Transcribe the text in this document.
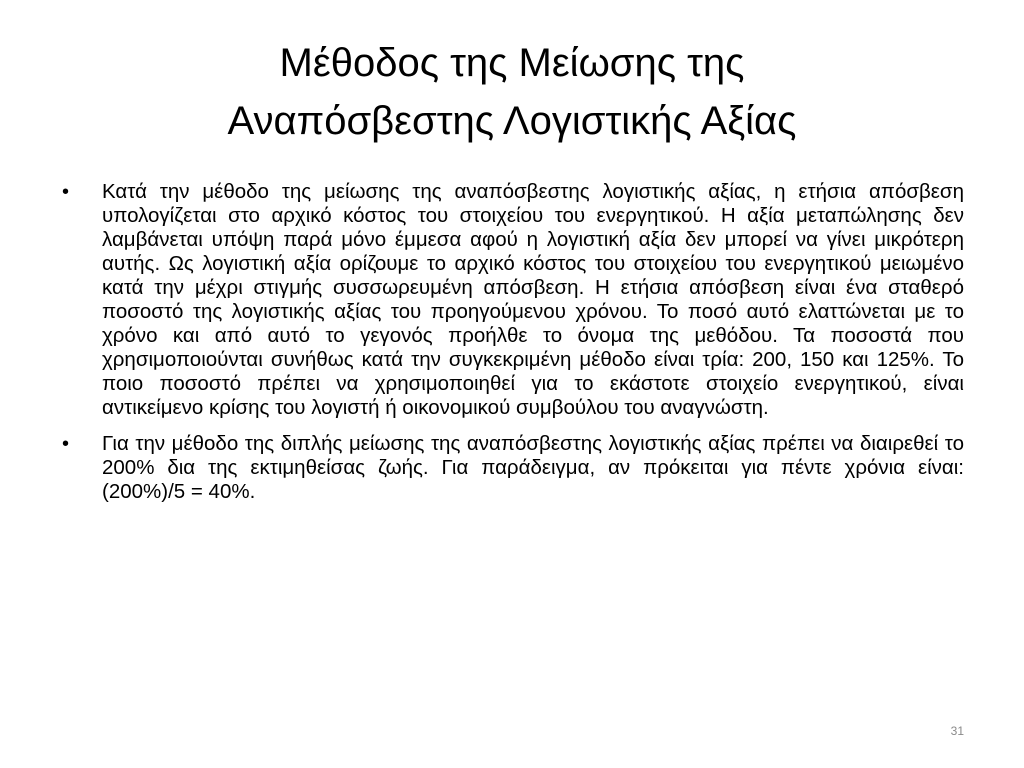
Μέθοδος της Μείωσης της
Αναπόσβεστης Λογιστικής Αξίας
• Κατά την μέθοδο της μείωσης της αναπόσβεστης λογιστικής αξίας, η ετήσια απόσβεση υπολογίζεται στο αρχικό κόστος του στοιχείου του ενεργητικού. Η αξία μεταπώλησης δεν λαμβάνεται υπόψη παρά μόνο έμμεσα αφού η λογιστική αξία δεν μπορεί να γίνει μικρότερη αυτής. Ως λογιστική αξία ορίζουμε το αρχικό κόστος του στοιχείου του ενεργητικού μειωμένο κατά την μέχρι στιγμής συσσωρευμένη απόσβεση. Η ετήσια απόσβεση είναι ένα σταθερό ποσοστό της λογιστικής αξίας του προηγούμενου χρόνου. Το ποσό αυτό ελαττώνεται με το χρόνο και από αυτό το γεγονός προήλθε το όνομα της μεθόδου. Τα ποσοστά που χρησιμοποιούνται συνήθως κατά την συγκεκριμένη μέθοδο είναι τρία: 200, 150 και 125%. Το ποιο ποσοστό πρέπει να χρησιμοποιηθεί για το εκάστοτε στοιχείο ενεργητικού, είναι αντικείμενο κρίσης του λογιστή ή οικονομικού συμβούλου του αναγνώστη.
• Για την μέθοδο της διπλής μείωσης της αναπόσβεστης λογιστικής αξίας πρέπει να διαιρεθεί το 200% δια της εκτιμηθείσας ζωής. Για παράδειγμα, αν πρόκειται για πέντε χρόνια είναι: (200%)/5 = 40%.
31
